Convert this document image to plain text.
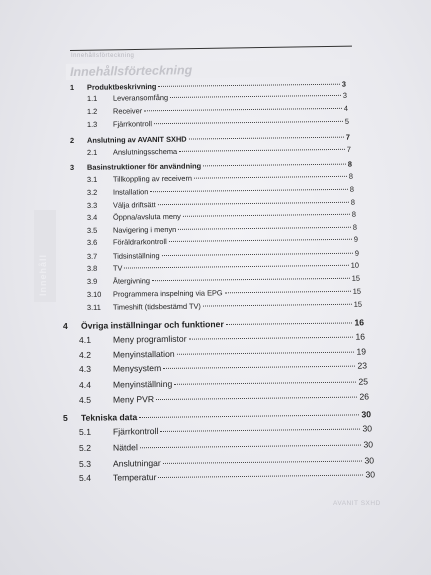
Innehållsförteckning
Innehållsförteckning
Innehåll
1	Produktbeskrivning	3
1.1	Leveransomfång	3
1.2	Receiver	4
1.3	Fjärrkontroll	5
2	Anslutning av AVANIT SXHD	7
2.1	Anslutningsschema	7
3	Basinstruktioner för användning	8
3.1	Tillkoppling av receivern	8
3.2	Installation	8
3.3	Välja driftsätt	8
3.4	Öppna/avsluta meny	8
3.5	Navigering i menyn	8
3.6	Föräldrarkontroll	9
3.7	Tidsinställning	9
3.8	TV	10
3.9	Återgivning	15
3.10	Programmera inspelning via EPG	15
3.11	Timeshift (tidsbestämd TV)	15
4	Övriga inställningar och funktioner	16
4.1	Meny programlistor	16
4.2	Menyinstallation	19
4.3	Menysystem	23
4.4	Menyinställning	25
4.5	Meny PVR	26
5	Tekniska data	30
5.1	Fjärrkontroll	30
5.2	Nätdel	30
5.3	Anslutningar	30
5.4	Temperatur	30
AVANIT SXHD
